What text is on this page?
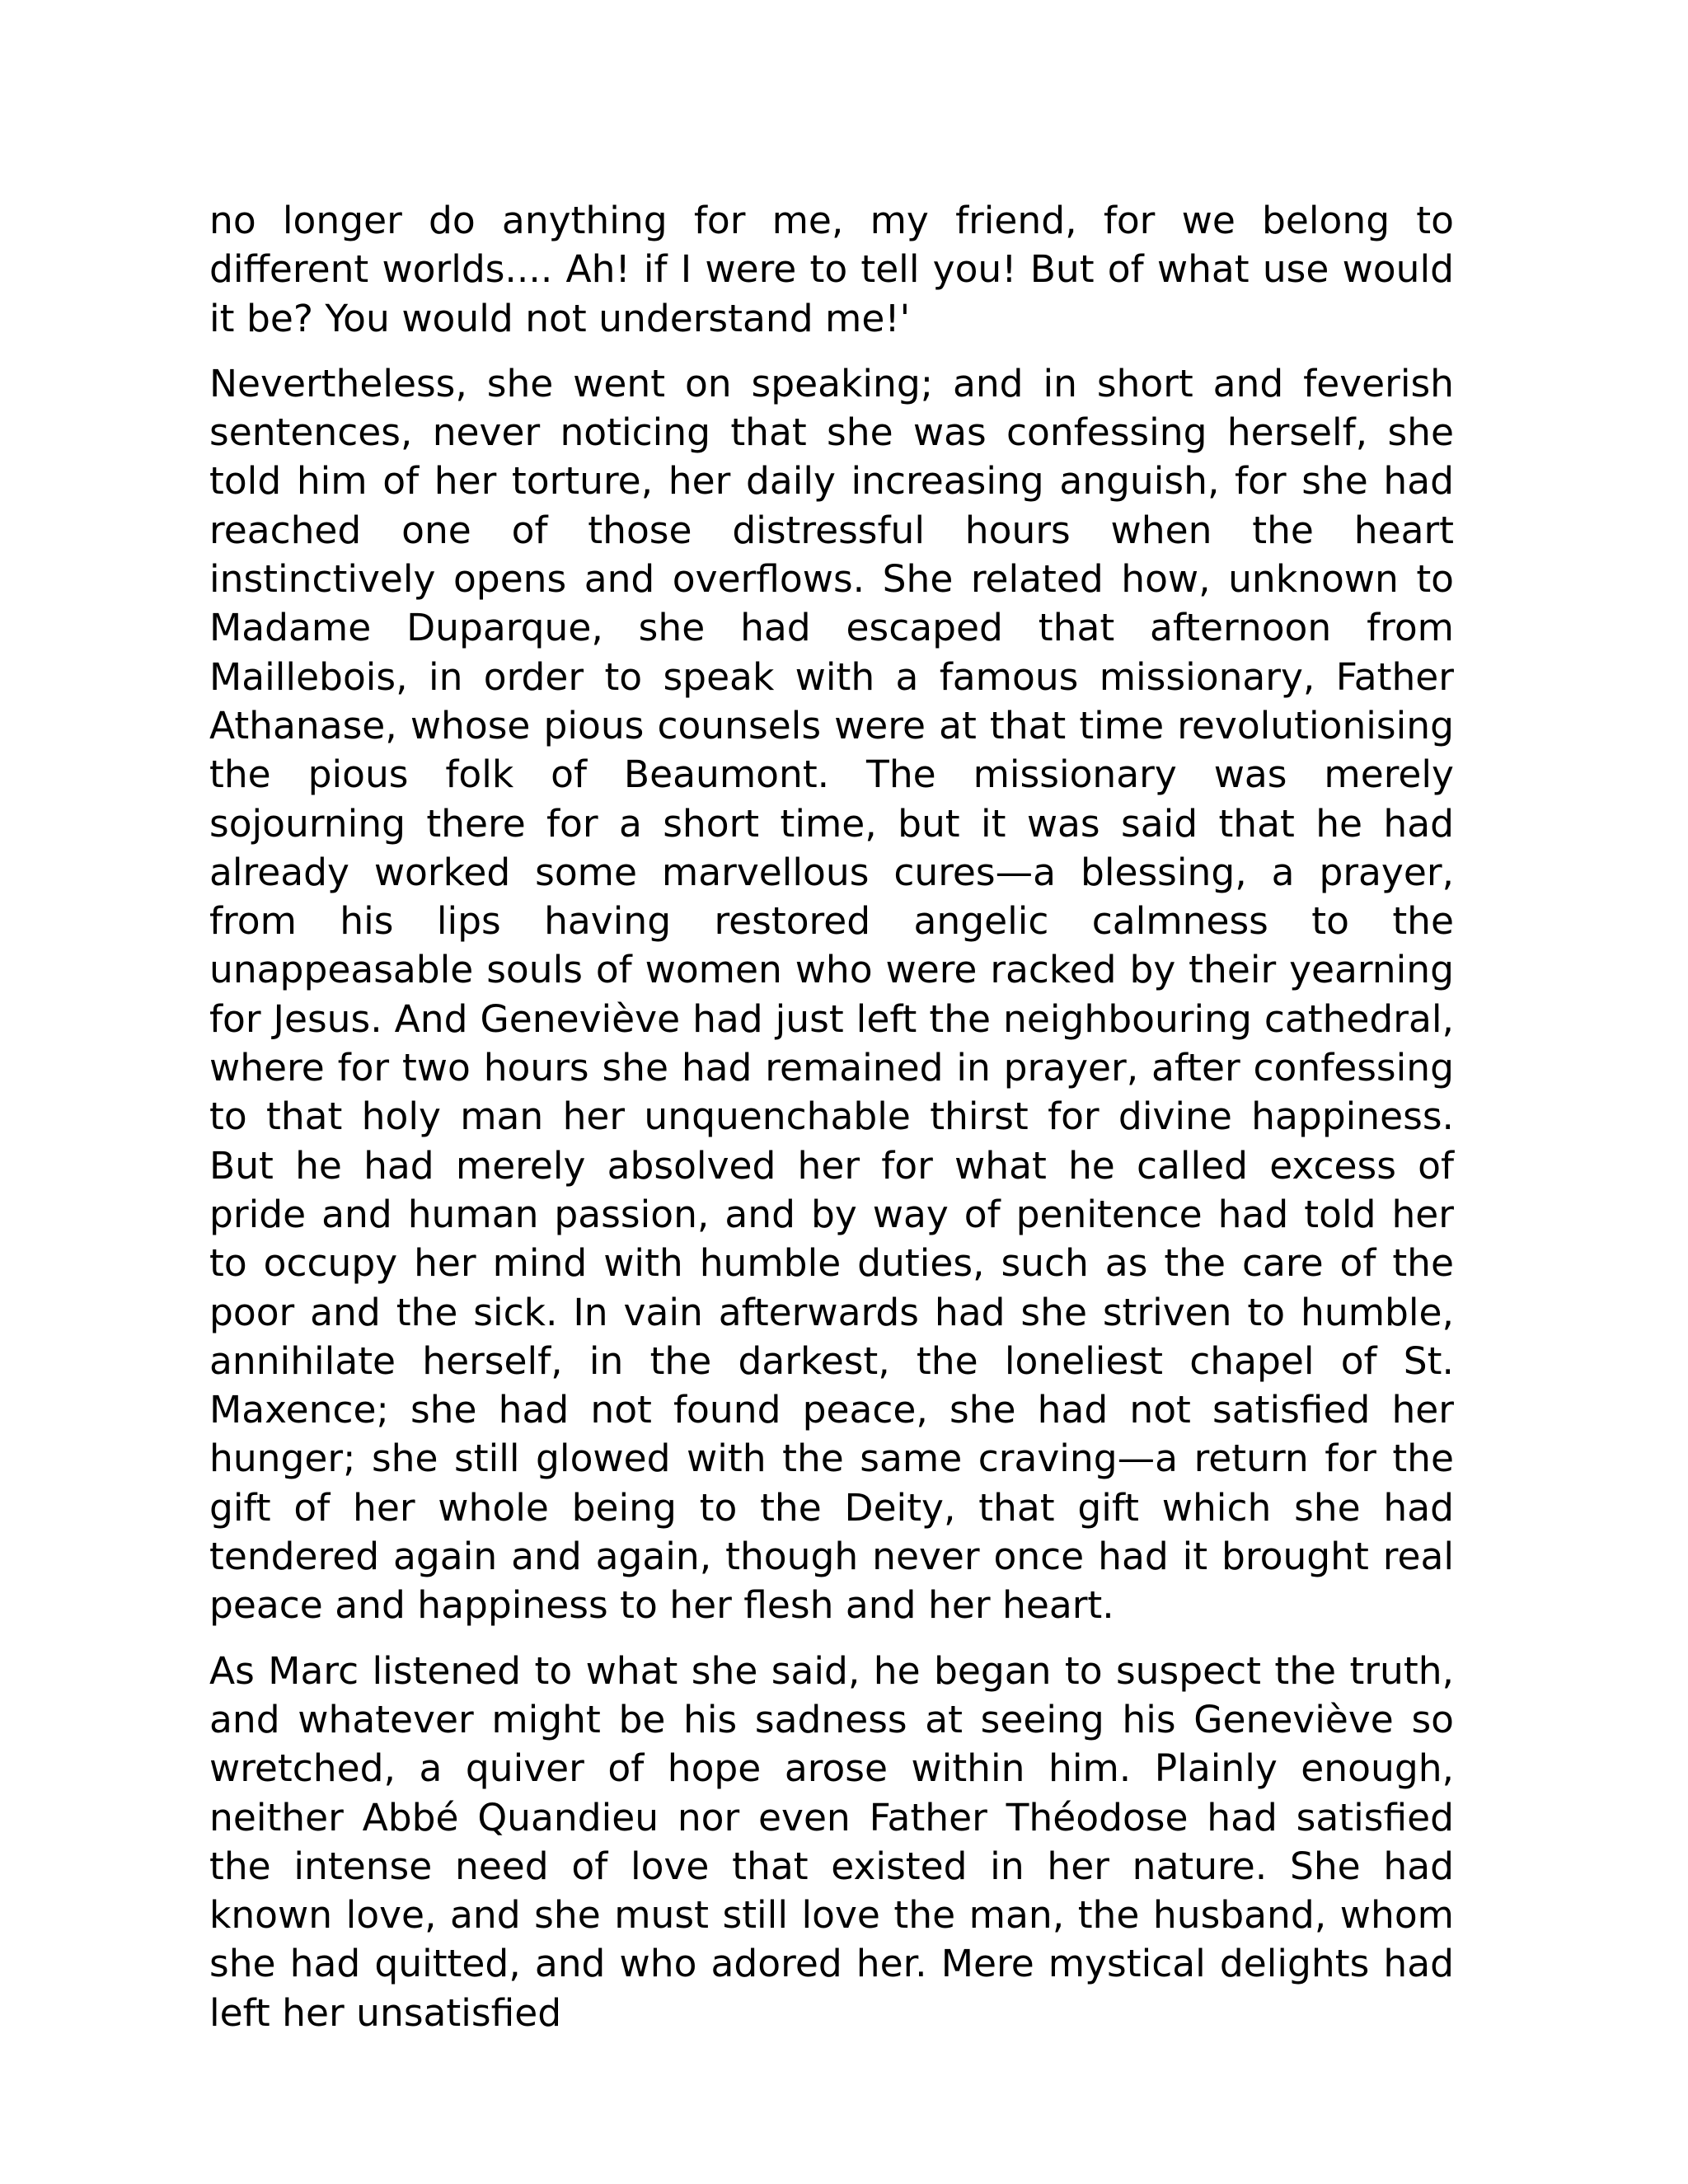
no longer do anything for me, my friend, for we belong to different worlds.... Ah! if I were to tell you! But of what use would it be? You would not understand me!'

Nevertheless, she went on speaking; and in short and feverish sentences, never noticing that she was confessing herself, she told him of her torture, her daily increasing anguish, for she had reached one of those distressful hours when the heart instinctively opens and overflows. She related how, unknown to Madame Duparque, she had escaped that afternoon from Maillebois, in order to speak with a famous missionary, Father Athanase, whose pious counsels were at that time revolutionising the pious folk of Beaumont. The missionary was merely sojourning there for a short time, but it was said that he had already worked some marvellous cures—a blessing, a prayer, from his lips having restored angelic calmness to the unappeasable souls of women who were racked by their yearning for Jesus. And Geneviève had just left the neighbouring cathedral, where for two hours she had remained in prayer, after confessing to that holy man her unquenchable thirst for divine happiness. But he had merely absolved her for what he called excess of pride and human passion, and by way of penitence had told her to occupy her mind with humble duties, such as the care of the poor and the sick. In vain afterwards had she striven to humble, annihilate herself, in the darkest, the loneliest chapel of St. Maxence; she had not found peace, she had not satisfied her hunger; she still glowed with the same craving—a return for the gift of her whole being to the Deity, that gift which she had tendered again and again, though never once had it brought real peace and happiness to her flesh and her heart.

As Marc listened to what she said, he began to suspect the truth, and whatever might be his sadness at seeing his Geneviève so wretched, a quiver of hope arose within him. Plainly enough, neither Abbé Quandieu nor even Father Théodose had satisfied the intense need of love that existed in her nature. She had known love, and she must still love the man, the husband, whom she had quitted, and who adored her. Mere mystical delights had left her unsatisfied
